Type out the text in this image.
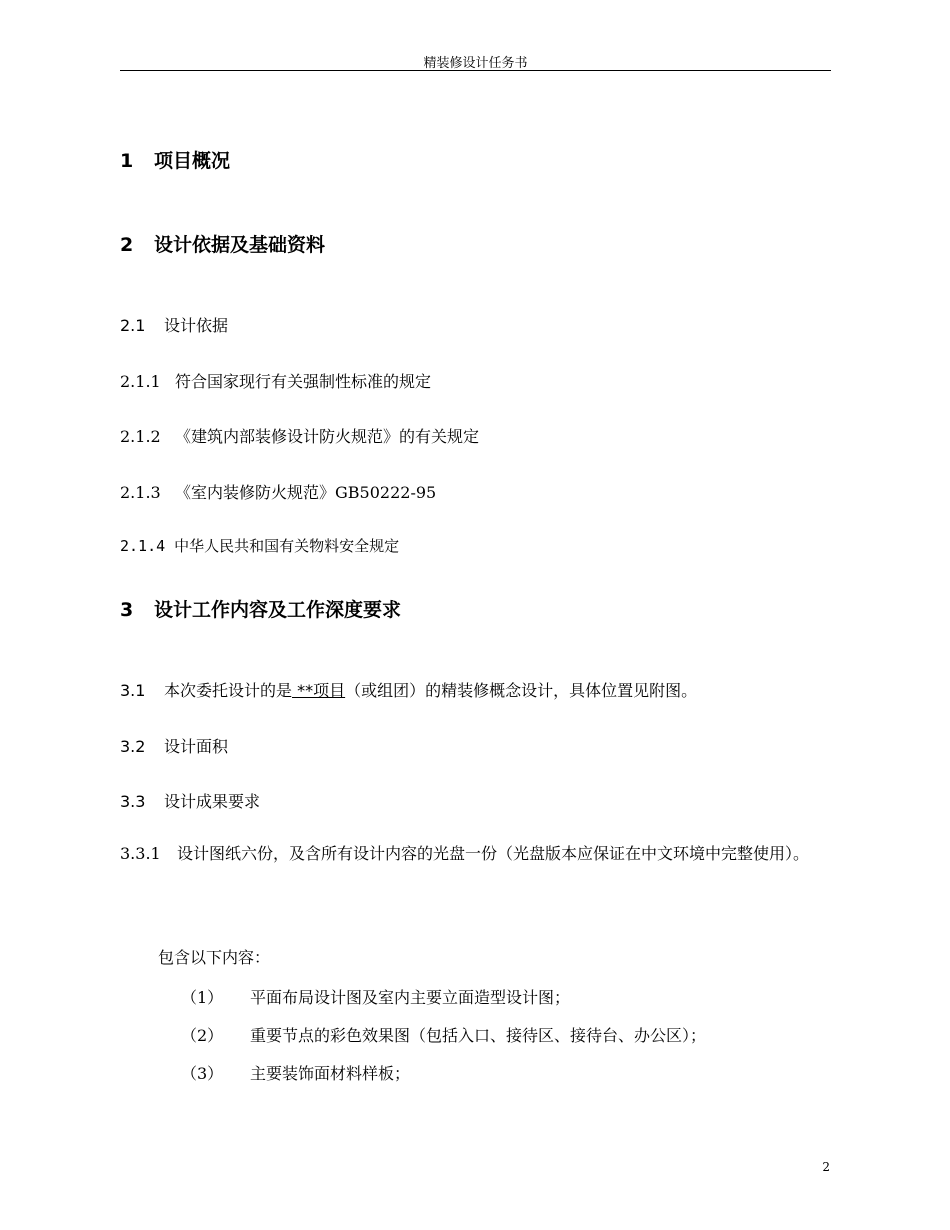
精装修设计任务书
1 项目概况
2 设计依据及基础资料
2.1 设计依据
2.1.1 符合国家现行有关强制性标准的规定
2.1.2 《建筑内部装修设计防火规范》的有关规定
2.1.3 《室内装修防火规范》GB50222-95
2.1.4 中华人民共和国有关物料安全规定
3 设计工作内容及工作深度要求
3.1 本次委托设计的是 **项目（或组团）的精装修概念设计，具体位置见附图。
3.2 设计面积
3.3 设计成果要求
3.3.1 设计图纸六份，及含所有设计内容的光盘一份（光盘版本应保证在中文环境中完整使用）。
包含以下内容：
（1） 平面布局设计图及室内主要立面造型设计图；
（2） 重要节点的彩色效果图（包括入口、接待区、接待台、办公区）；
（3） 主要装饰面材料样板；
2
